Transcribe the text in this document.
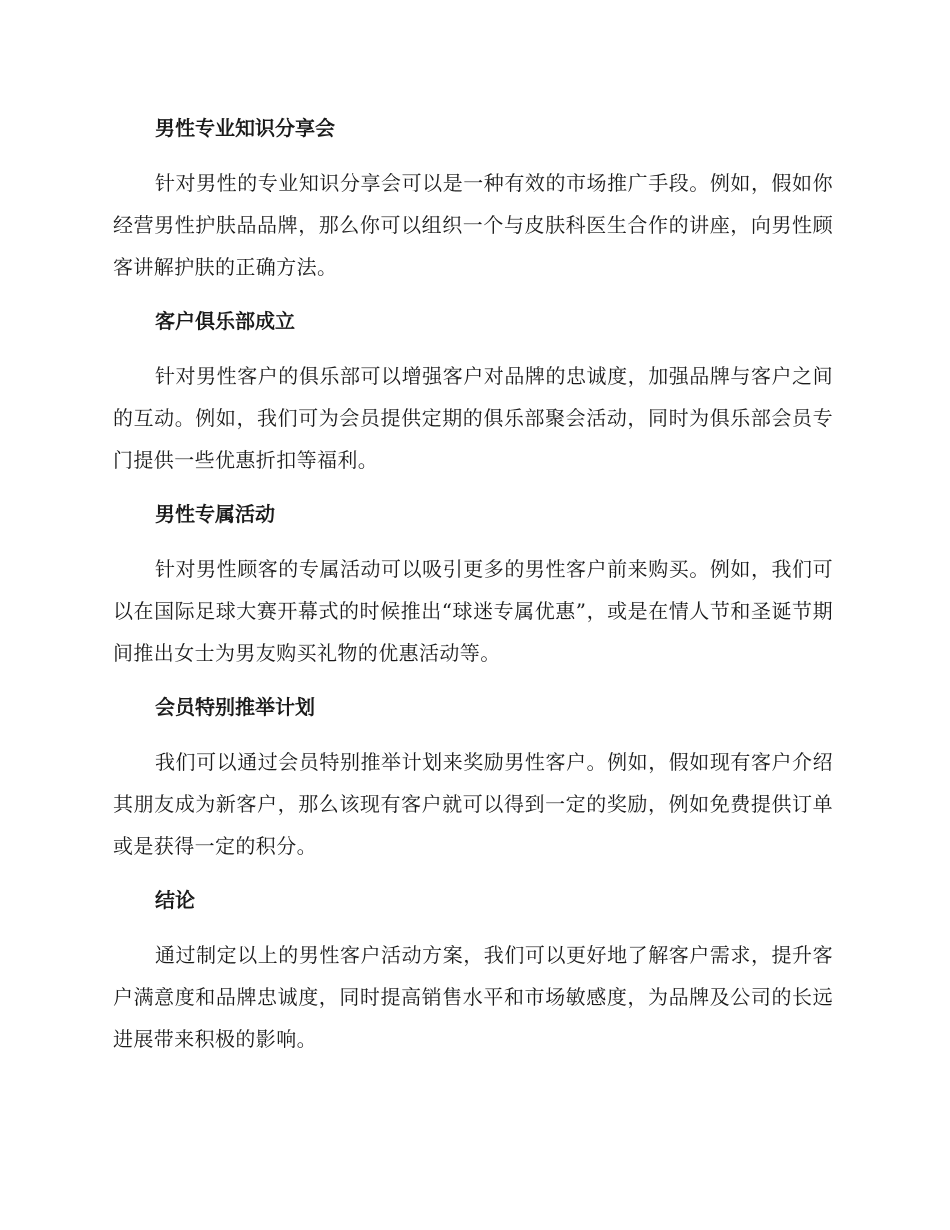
男性专业知识分享会

针对男性的专业知识分享会可以是一种有效的市场推广手段。例如，假如你经营男性护肤品品牌，那么你可以组织一个与皮肤科医生合作的讲座，向男性顾客讲解护肤的正确方法。

客户俱乐部成立

针对男性客户的俱乐部可以增强客户对品牌的忠诚度，加强品牌与客户之间的互动。例如，我们可为会员提供定期的俱乐部聚会活动，同时为俱乐部会员专门提供一些优惠折扣等福利。

男性专属活动

针对男性顾客的专属活动可以吸引更多的男性客户前来购买。例如，我们可以在国际足球大赛开幕式的时候推出“球迷专属优惠”，或是在情人节和圣诞节期间推出女士为男友购买礼物的优惠活动等。

会员特别推举计划

我们可以通过会员特别推举计划来奖励男性客户。例如，假如现有客户介绍其朋友成为新客户，那么该现有客户就可以得到一定的奖励，例如免费提供订单或是获得一定的积分。

结论

通过制定以上的男性客户活动方案，我们可以更好地了解客户需求，提升客户满意度和品牌忠诚度，同时提高销售水平和市场敏感度，为品牌及公司的长远进展带来积极的影响。
